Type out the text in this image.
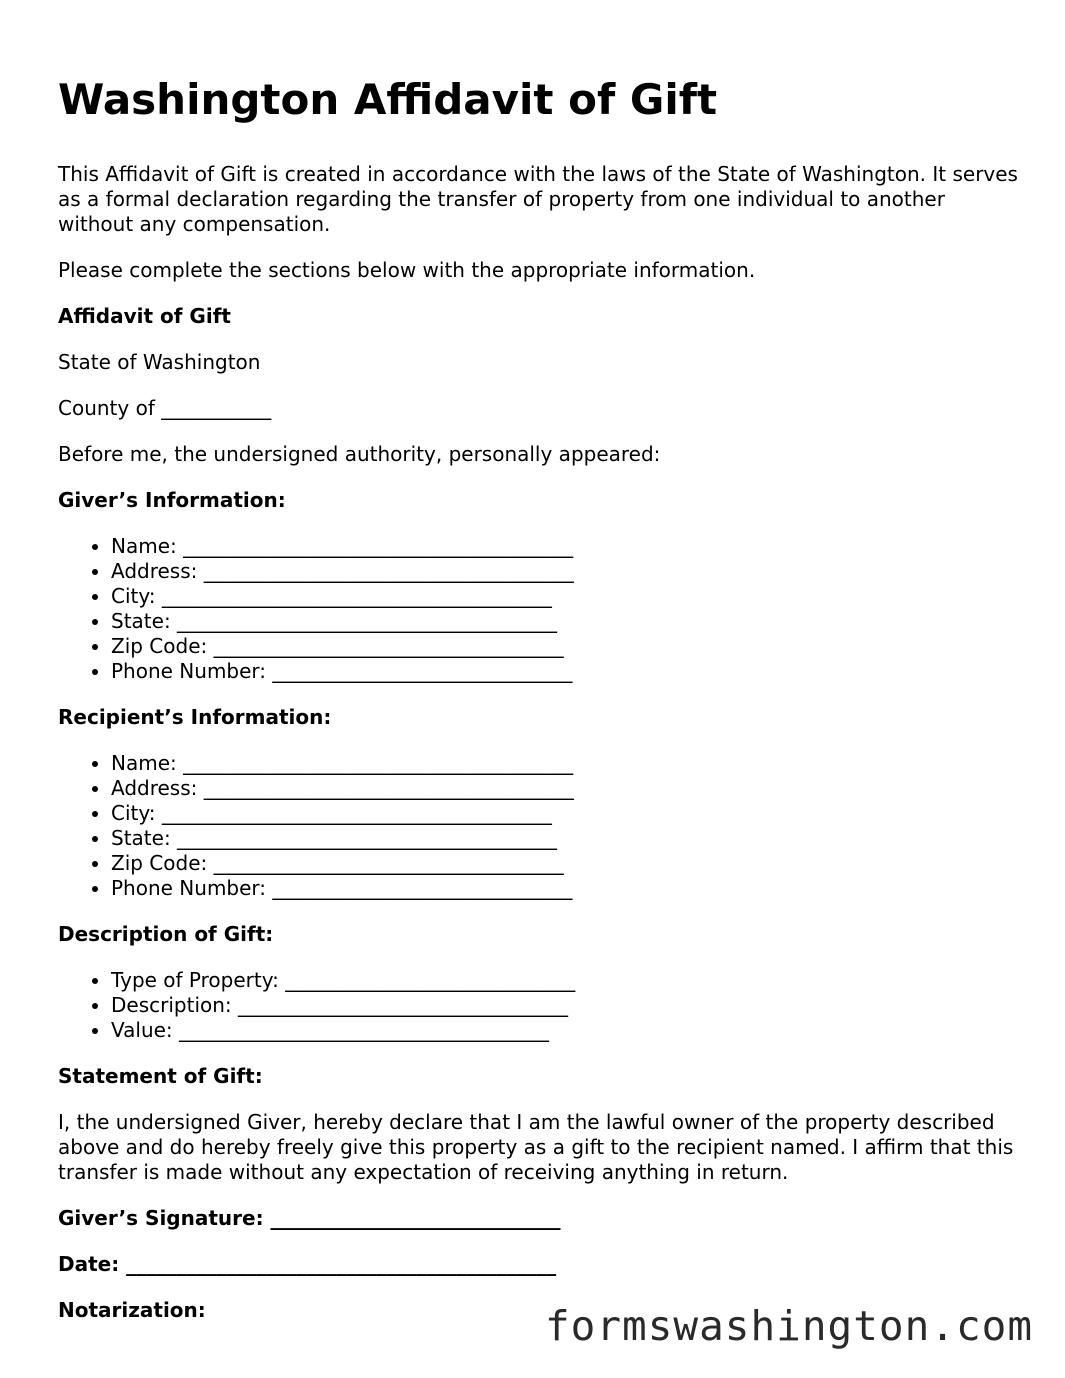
Washington Affidavit of Gift

This Affidavit of Gift is created in accordance with the laws of the State of Washington. It serves as a formal declaration regarding the transfer of property from one individual to another without any compensation.

Please complete the sections below with the appropriate information.

Affidavit of Gift

State of Washington

County of ___________

Before me, the undersigned authority, personally appeared:

Giver’s Information:

• Name: _______________________________________
• Address: _____________________________________
• City: _______________________________________
• State: ______________________________________
• Zip Code: ___________________________________
• Phone Number: ______________________________

Recipient’s Information:

• Name: _______________________________________
• Address: _____________________________________
• City: _______________________________________
• State: ______________________________________
• Zip Code: ___________________________________
• Phone Number: ______________________________

Description of Gift:

• Type of Property: _____________________________
• Description: _________________________________
• Value: _____________________________________

Statement of Gift:

I, the undersigned Giver, hereby declare that I am the lawful owner of the property described above and do hereby freely give this property as a gift to the recipient named. I affirm that this transfer is made without any expectation of receiving anything in return.

Giver’s Signature: _____________________________

Date: ___________________________________________

Notarization:	formswashington.com
